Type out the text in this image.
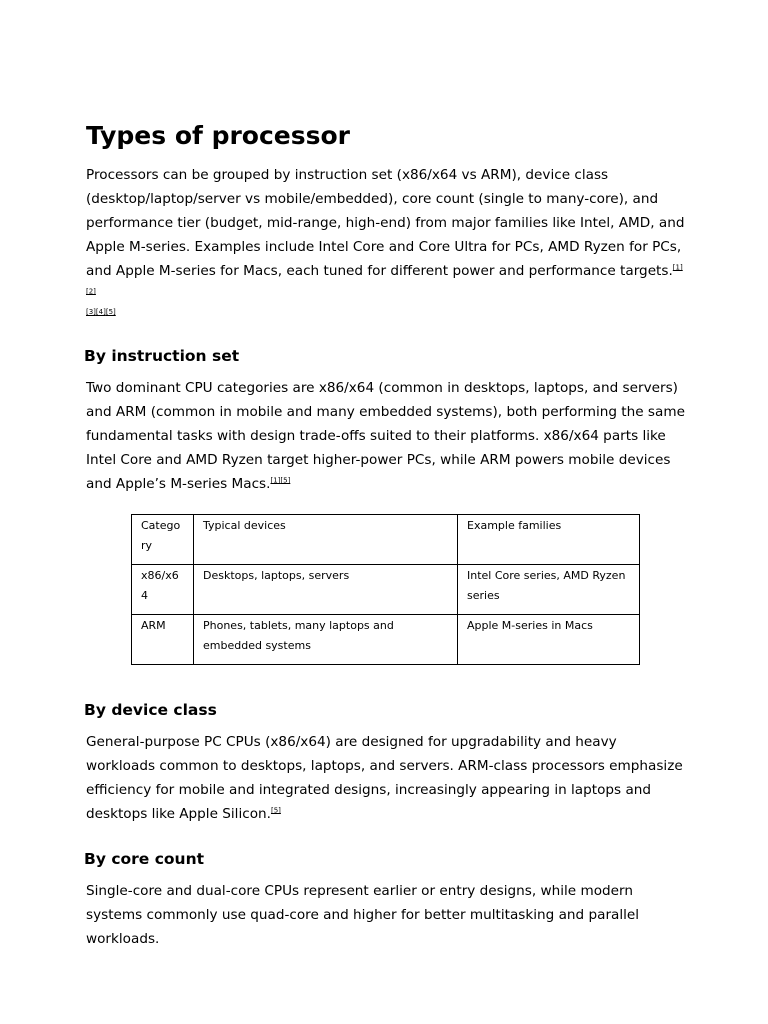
Types of processor

Processors can be grouped by instruction set (x86/x64 vs ARM), device class (desktop/laptop/server vs mobile/embedded), core count (single to many-core), and performance tier (budget, mid-range, high-end) from major families like Intel, AMD, and Apple M-series. Examples include Intel Core and Core Ultra for PCs, AMD Ryzen for PCs, and Apple M-series for Macs, each tuned for different power and performance targets.[1][2]

[3][4][5]
By instruction set

Two dominant CPU categories are x86/x64 (common in desktops, laptops, and servers) and ARM (common in mobile and many embedded systems), both performing the same fundamental tasks with design trade-offs suited to their platforms. x86/x64 parts like Intel Core and AMD Ryzen target higher-power PCs, while ARM powers mobile devices and Apple’s M-series Macs.[1][5]

Category	Typical devices	Example families

x86/x64	Desktops, laptops, servers	Intel Core series, AMD Ryzen series

ARM	Phones, tablets, many laptops and embedded systems	Apple M-series in Macs
By device class

General-purpose PC CPUs (x86/x64) are designed for upgradability and heavy workloads common to desktops, laptops, and servers. ARM-class processors emphasize efficiency for mobile and integrated designs, increasingly appearing in laptops and desktops like Apple Silicon.[5]

By core count

Single-core and dual-core CPUs represent earlier or entry designs, while modern systems commonly use quad-core and higher for better multitasking and parallel workloads.
